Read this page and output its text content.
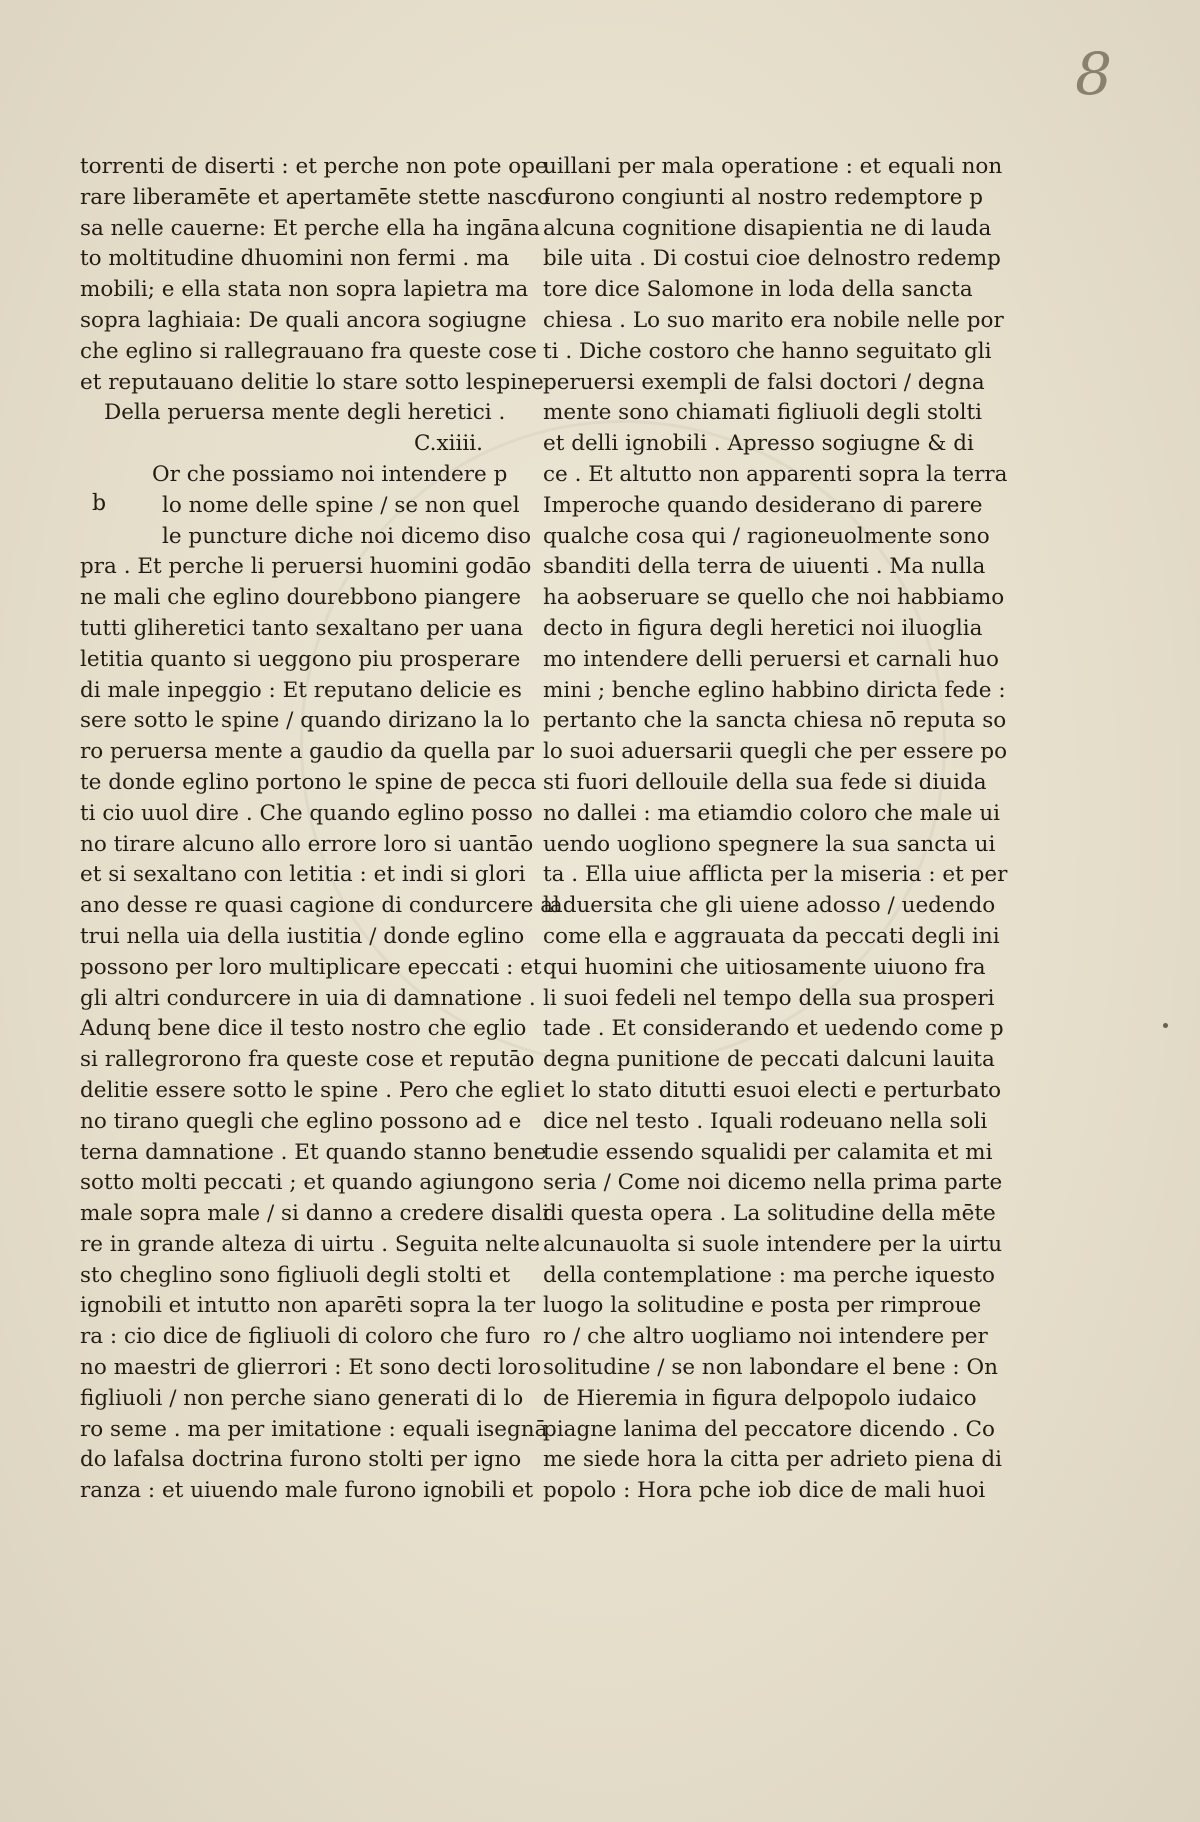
8
b
torrenti de diserti : et perche non pote ope
rare liberamēte et apertamēte stette nasco
sa nelle cauerne: Et perche ella ha ingāna
to moltitudine dhuomini non fermi . ma
mobili; e ella stata non sopra lapietra ma
sopra laghiaia: De quali ancora sogiugne
che eglino si rallegrauano fra queste cose
et reputauano delitie lo stare sotto lespine
Della peruersa mente degli heretici .
C.xiiii.
Or che possiamo noi intendere p
lo nome delle spine / se non quel
le puncture diche noi dicemo diso
pra . Et perche li peruersi huomini godāo
ne mali che eglino dourebbono piangere
tutti gliheretici tanto sexaltano per uana
letitia quanto si ueggono piu prosperare
di male inpeggio : Et reputano delicie es
sere sotto le spine / quando dirizano la lo
ro peruersa mente a gaudio da quella par
te donde eglino portono le spine de pecca
ti cio uuol dire . Che quando eglino posso
no tirare alcuno allo errore loro si uantāo
et si sexaltano con letitia : et indi si glori
ano desse re quasi cagione di condurcere al
trui nella uia della iustitia / donde eglino
possono per loro multiplicare epeccati : et
gli altri condurcere in uia di damnatione .
Adunq bene dice il testo nostro che eglio
si rallegrorono fra queste cose et reputāo
delitie essere sotto le spine . Pero che egli
no tirano quegli che eglino possono ad e
terna damnatione . Et quando stanno bene
sotto molti peccati ; et quando agiungono
male sopra male / si danno a credere disali
re in grande alteza di uirtu . Seguita nelte
sto cheglino sono figliuoli degli stolti et
ignobili et intutto non aparēti sopra la ter
ra : cio dice de figliuoli di coloro che furo
no maestri de glierrori : Et sono decti loro
figliuoli / non perche siano generati di lo
ro seme . ma per imitatione : equali isegnā
do lafalsa doctrina furono stolti per igno
ranza : et uiuendo male furono ignobili et
uillani per mala operatione : et equali non
furono congiunti al nostro redemptore p
alcuna cognitione disapientia ne di lauda
bile uita . Di costui cioe delnostro redemp
tore dice Salomone in loda della sancta
chiesa . Lo suo marito era nobile nelle por
ti . Diche costoro che hanno seguitato gli
peruersi exempli de falsi doctori / degna
mente sono chiamati figliuoli degli stolti
et delli ignobili . Apresso sogiugne & di
ce . Et altutto non apparenti sopra la terra
Imperoche quando desiderano di parere
qualche cosa qui / ragioneuolmente sono
sbanditi della terra de uiuenti . Ma nulla
ha aobseruare se quello che noi habbiamo
decto in figura degli heretici noi iluoglia
mo intendere delli peruersi et carnali huo
mini ; benche eglino habbino diricta fede :
pertanto che la sancta chiesa nō reputa so
lo suoi aduersarii quegli che per essere po
sti fuori dellouile della sua fede si diuida
no dallei : ma etiamdio coloro che male ui
uendo uogliono spegnere la sua sancta ui
ta . Ella uiue afflicta per la miseria : et per
laduersita che gli uiene adosso / uedendo
come ella e aggrauata da peccati degli ini
qui huomini che uitiosamente uiuono fra
li suoi fedeli nel tempo della sua prosperi
tade . Et considerando et uedendo come p
degna punitione de peccati dalcuni lauita
et lo stato ditutti esuoi electi e perturbato
dice nel testo . Iquali rodeuano nella soli
tudie essendo squalidi per calamita et mi
seria / Come noi dicemo nella prima parte
di questa opera . La solitudine della mēte
alcunauolta si suole intendere per la uirtu
della contemplatione : ma perche iquesto
luogo la solitudine e posta per rimproue
ro / che altro uogliamo noi intendere per
solitudine / se non labondare el bene : On
de Hieremia in figura delpopolo iudaico
piagne lanima del peccatore dicendo . Co
me siede hora la citta per adrieto piena di
popolo : Hora pche iob dice de mali huoi
